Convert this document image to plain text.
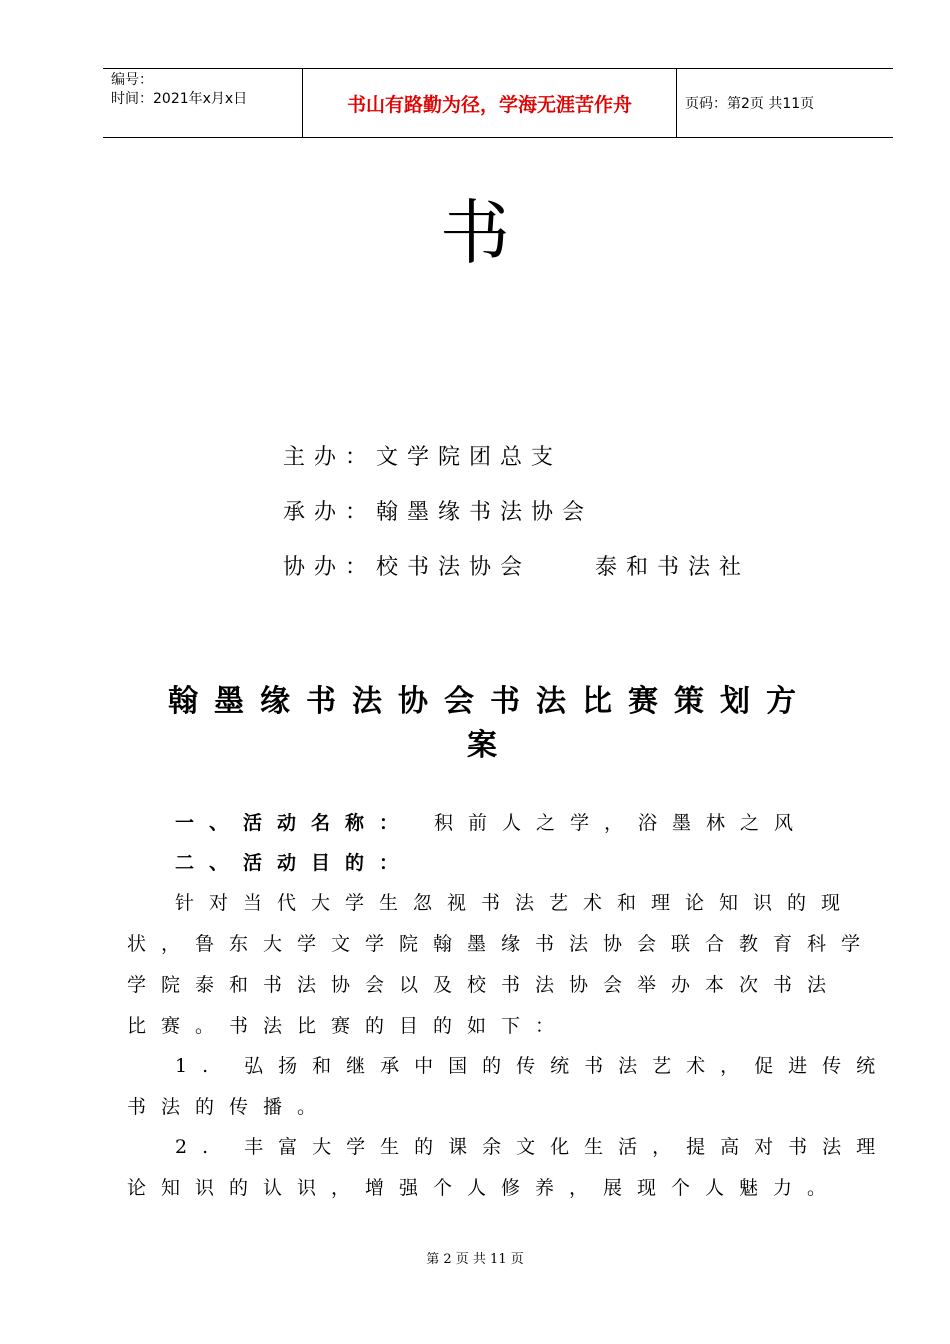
编号：
时间：2021年x月x日	书山有路勤为径，学海无涯苦作舟	页码：第2页 共11页
书
主办：文学院团总支
承办：翰墨缘书法协会
协办：校书法协会    泰和书法社
翰墨缘书法协会书法比赛策划方
案
一、活动名称： 积前人之学，浴墨林之风
二、活动目的：
针对当代大学生忽视书法艺术和理论知识的现
状，鲁东大学文学院翰墨缘书法协会联合教育科学
学院泰和书法协会以及校书法协会举办本次书法
比赛。书法比赛的目的如下：
1. 弘扬和继承中国的传统书法艺术，促进传统
书法的传播。
2. 丰富大学生的课余文化生活，提高对书法理
论知识的认识，增强个人修养，展现个人魅力。
第 2 页 共 11 页
